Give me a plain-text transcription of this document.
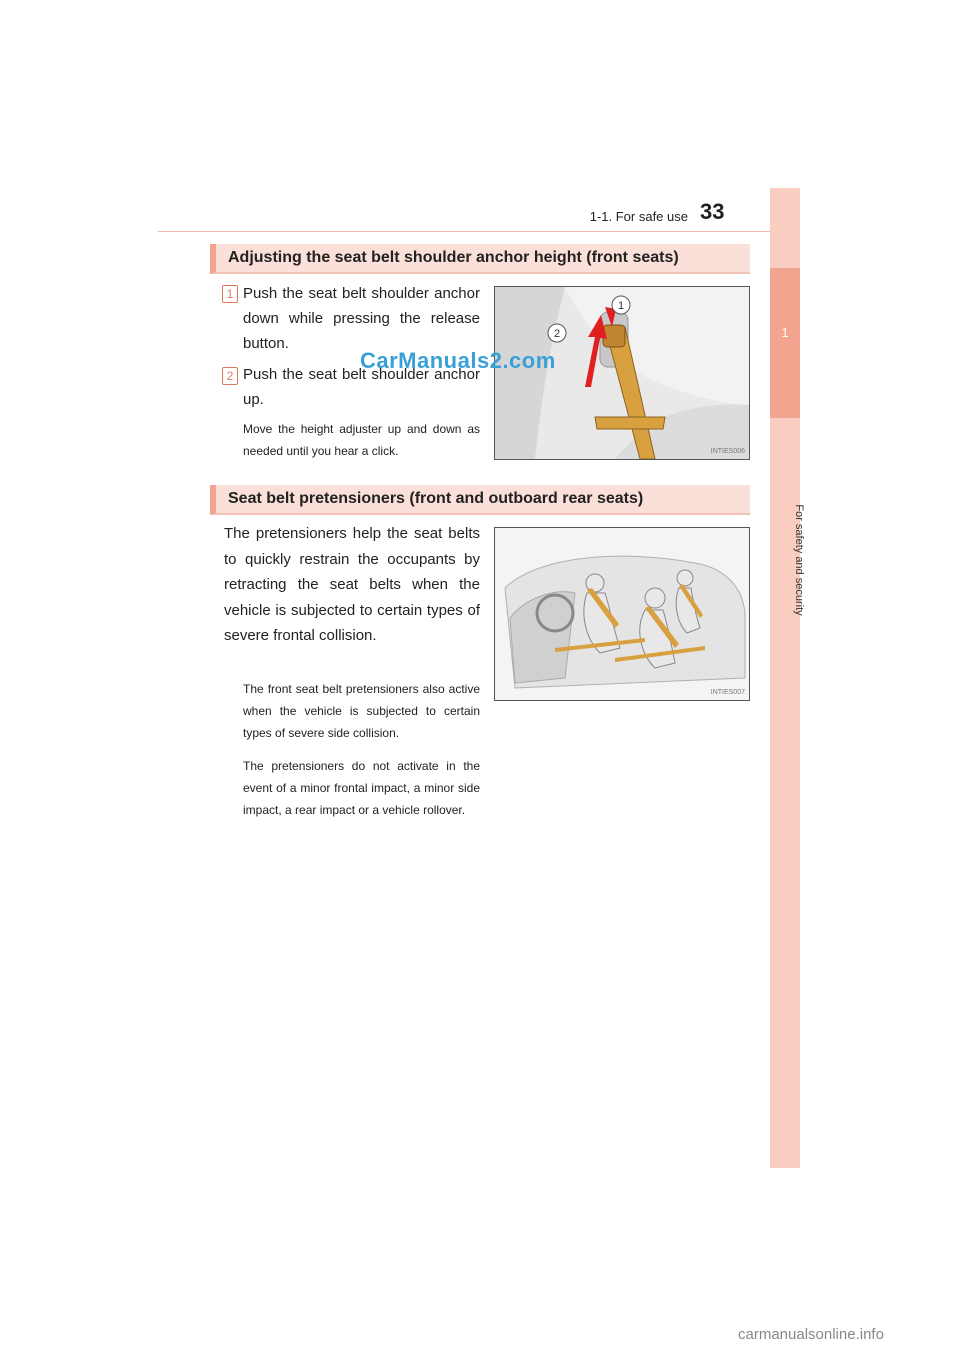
1-1. For safe use 33
1
For safety and security
Adjusting the seat belt shoulder anchor height (front seats)
1 Push the seat belt shoulder anchor down while pressing the release button.
2 Push the seat belt shoulder anchor up.
Move the height adjuster up and down as needed until you hear a click.
1
2
INTIES006
CarManuals2.com
Seat belt pretensioners (front and outboard rear seats)
The pretensioners help the seat belts to quickly restrain the occupants by retracting the seat belts when the vehicle is subjected to certain types of severe frontal collision.
The front seat belt pretensioners also active when the vehicle is subjected to certain types of severe side collision.
The pretensioners do not activate in the event of a minor frontal impact, a minor side impact, a rear impact or a vehicle rollover.
INTIES007
carmanualsonline.info
